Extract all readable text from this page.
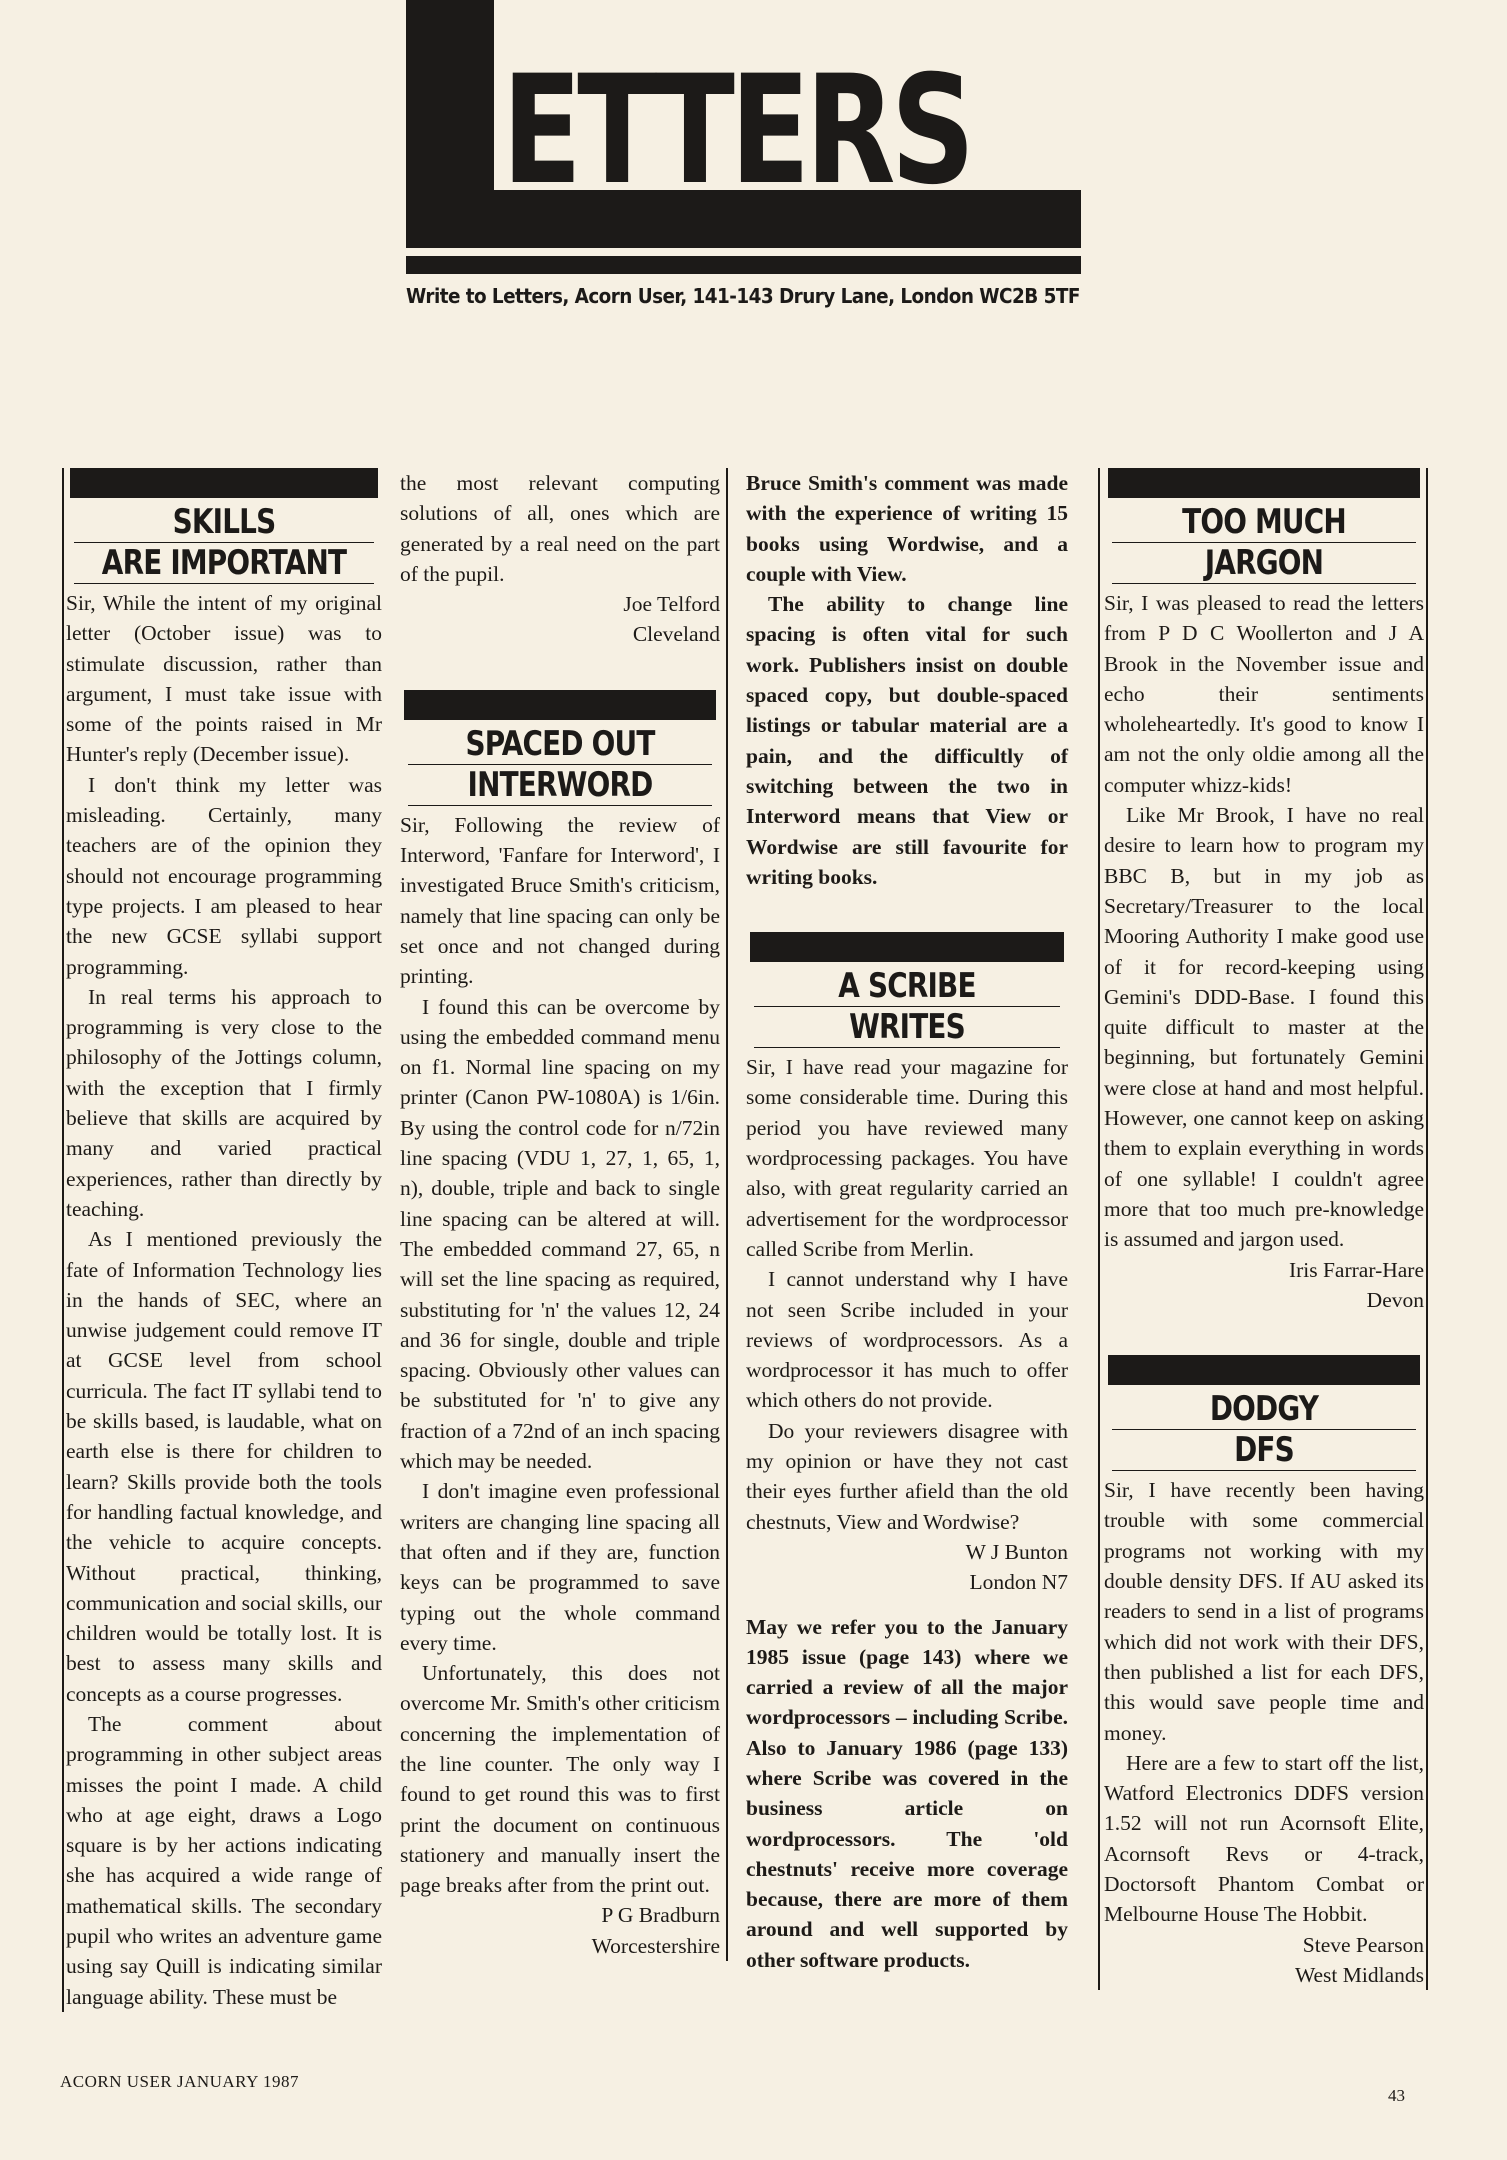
ETTERS
Write to Letters, Acorn User, 141-143 Drury Lane, London WC2B 5TF
SKILLS
ARE IMPORTANT

Sir, While the intent of my original letter (October issue) was to stimulate discussion, rather than argument, I must take issue with some of the points raised in Mr Hunter's reply (December issue).

I don't think my letter was misleading. Certainly, many teachers are of the opinion they should not encourage programming type projects. I am pleased to hear the new GCSE syllabi support programming.

In real terms his approach to programming is very close to the philosophy of the Jottings column, with the exception that I firmly believe that skills are acquired by many and varied practical experiences, rather than directly by teaching.

As I mentioned previously the fate of Information Technology lies in the hands of SEC, where an unwise judgement could remove IT at GCSE level from school curricula. The fact IT syllabi tend to be skills based, is laudable, what on earth else is there for children to learn? Skills provide both the tools for handling factual knowledge, and the vehicle to acquire concepts. Without practical, thinking, communication and social skills, our children would be totally lost. It is best to assess many skills and concepts as a course progresses.

The comment about programming in other subject areas misses the point I made. A child who at age eight, draws a Logo square is by her actions indicating she has acquired a wide range of mathematical skills. The secondary pupil who writes an adventure game using say Quill is indicating similar language ability. These must be

the most relevant computing solutions of all, ones which are generated by a real need on the part of the pupil.

Joe Telford

Cleveland

SPACED OUT
INTERWORD

Sir, Following the review of Interword, 'Fanfare for Interword', I investigated Bruce Smith's criticism, namely that line spacing can only be set once and not changed during printing.

I found this can be overcome by using the embedded command menu on f1. Normal line spacing on my printer (Canon PW-1080A) is 1/6in. By using the control code for n/72in line spacing (VDU 1, 27, 1, 65, 1, n), double, triple and back to single line spacing can be altered at will. The embedded command 27, 65, n will set the line spacing as required, substituting for 'n' the values 12, 24 and 36 for single, double and triple spacing. Obviously other values can be substituted for 'n' to give any fraction of a 72nd of an inch spacing which may be needed.

I don't imagine even professional writers are changing line spacing all that often and if they are, function keys can be programmed to save typing out the whole command every time.

Unfortunately, this does not overcome Mr. Smith's other criticism concerning the implementation of the line counter. The only way I found to get round this was to first print the document on continuous stationery and manually insert the page breaks after from the print out.

P G Bradburn

Worcestershire

Bruce Smith's comment was made with the experience of writing 15 books using Wordwise, and a couple with View.

The ability to change line spacing is often vital for such work. Publishers insist on double spaced copy, but double-spaced listings or tabular material are a pain, and the difficultly of switching between the two in Interword means that View or Wordwise are still favourite for writing books.

A SCRIBE
WRITES

Sir, I have read your magazine for some considerable time. During this period you have reviewed many wordprocessing packages. You have also, with great regularity carried an advertisement for the wordprocessor called Scribe from Merlin.

I cannot understand why I have not seen Scribe included in your reviews of wordprocessors. As a wordprocessor it has much to offer which others do not provide.

Do your reviewers disagree with my opinion or have they not cast their eyes further afield than the old chestnuts, View and Wordwise?

W J Bunton

London N7

May we refer you to the January 1985 issue (page 143) where we carried a review of all the major wordprocessors – including Scribe. Also to January 1986 (page 133) where Scribe was covered in the business article on wordprocessors. The 'old chestnuts' receive more coverage because, there are more of them around and well supported by other software products.
TOO MUCH
JARGON

Sir, I was pleased to read the letters from P D C Woollerton and J A Brook in the November issue and echo their sentiments wholeheartedly. It's good to know I am not the only oldie among all the computer whizz-kids!

Like Mr Brook, I have no real desire to learn how to program my BBC B, but in my job as Secretary/Treasurer to the local Mooring Authority I make good use of it for record-keeping using Gemini's DDD-Base. I found this quite difficult to master at the beginning, but fortunately Gemini were close at hand and most helpful. However, one cannot keep on asking them to explain everything in words of one syllable! I couldn't agree more that too much pre-knowledge is assumed and jargon used.

Iris Farrar-Hare

Devon

DODGY
DFS

Sir, I have recently been having trouble with some commercial programs not working with my double density DFS. If AU asked its readers to send in a list of programs which did not work with their DFS, then published a list for each DFS, this would save people time and money.

Here are a few to start off the list, Watford Electronics DDFS version 1.52 will not run Acornsoft Elite, Acornsoft Revs or 4-track, Doctorsoft Phantom Combat or Melbourne House The Hobbit.

Steve Pearson

West Midlands

ACORN USER JANUARY 1987
43
